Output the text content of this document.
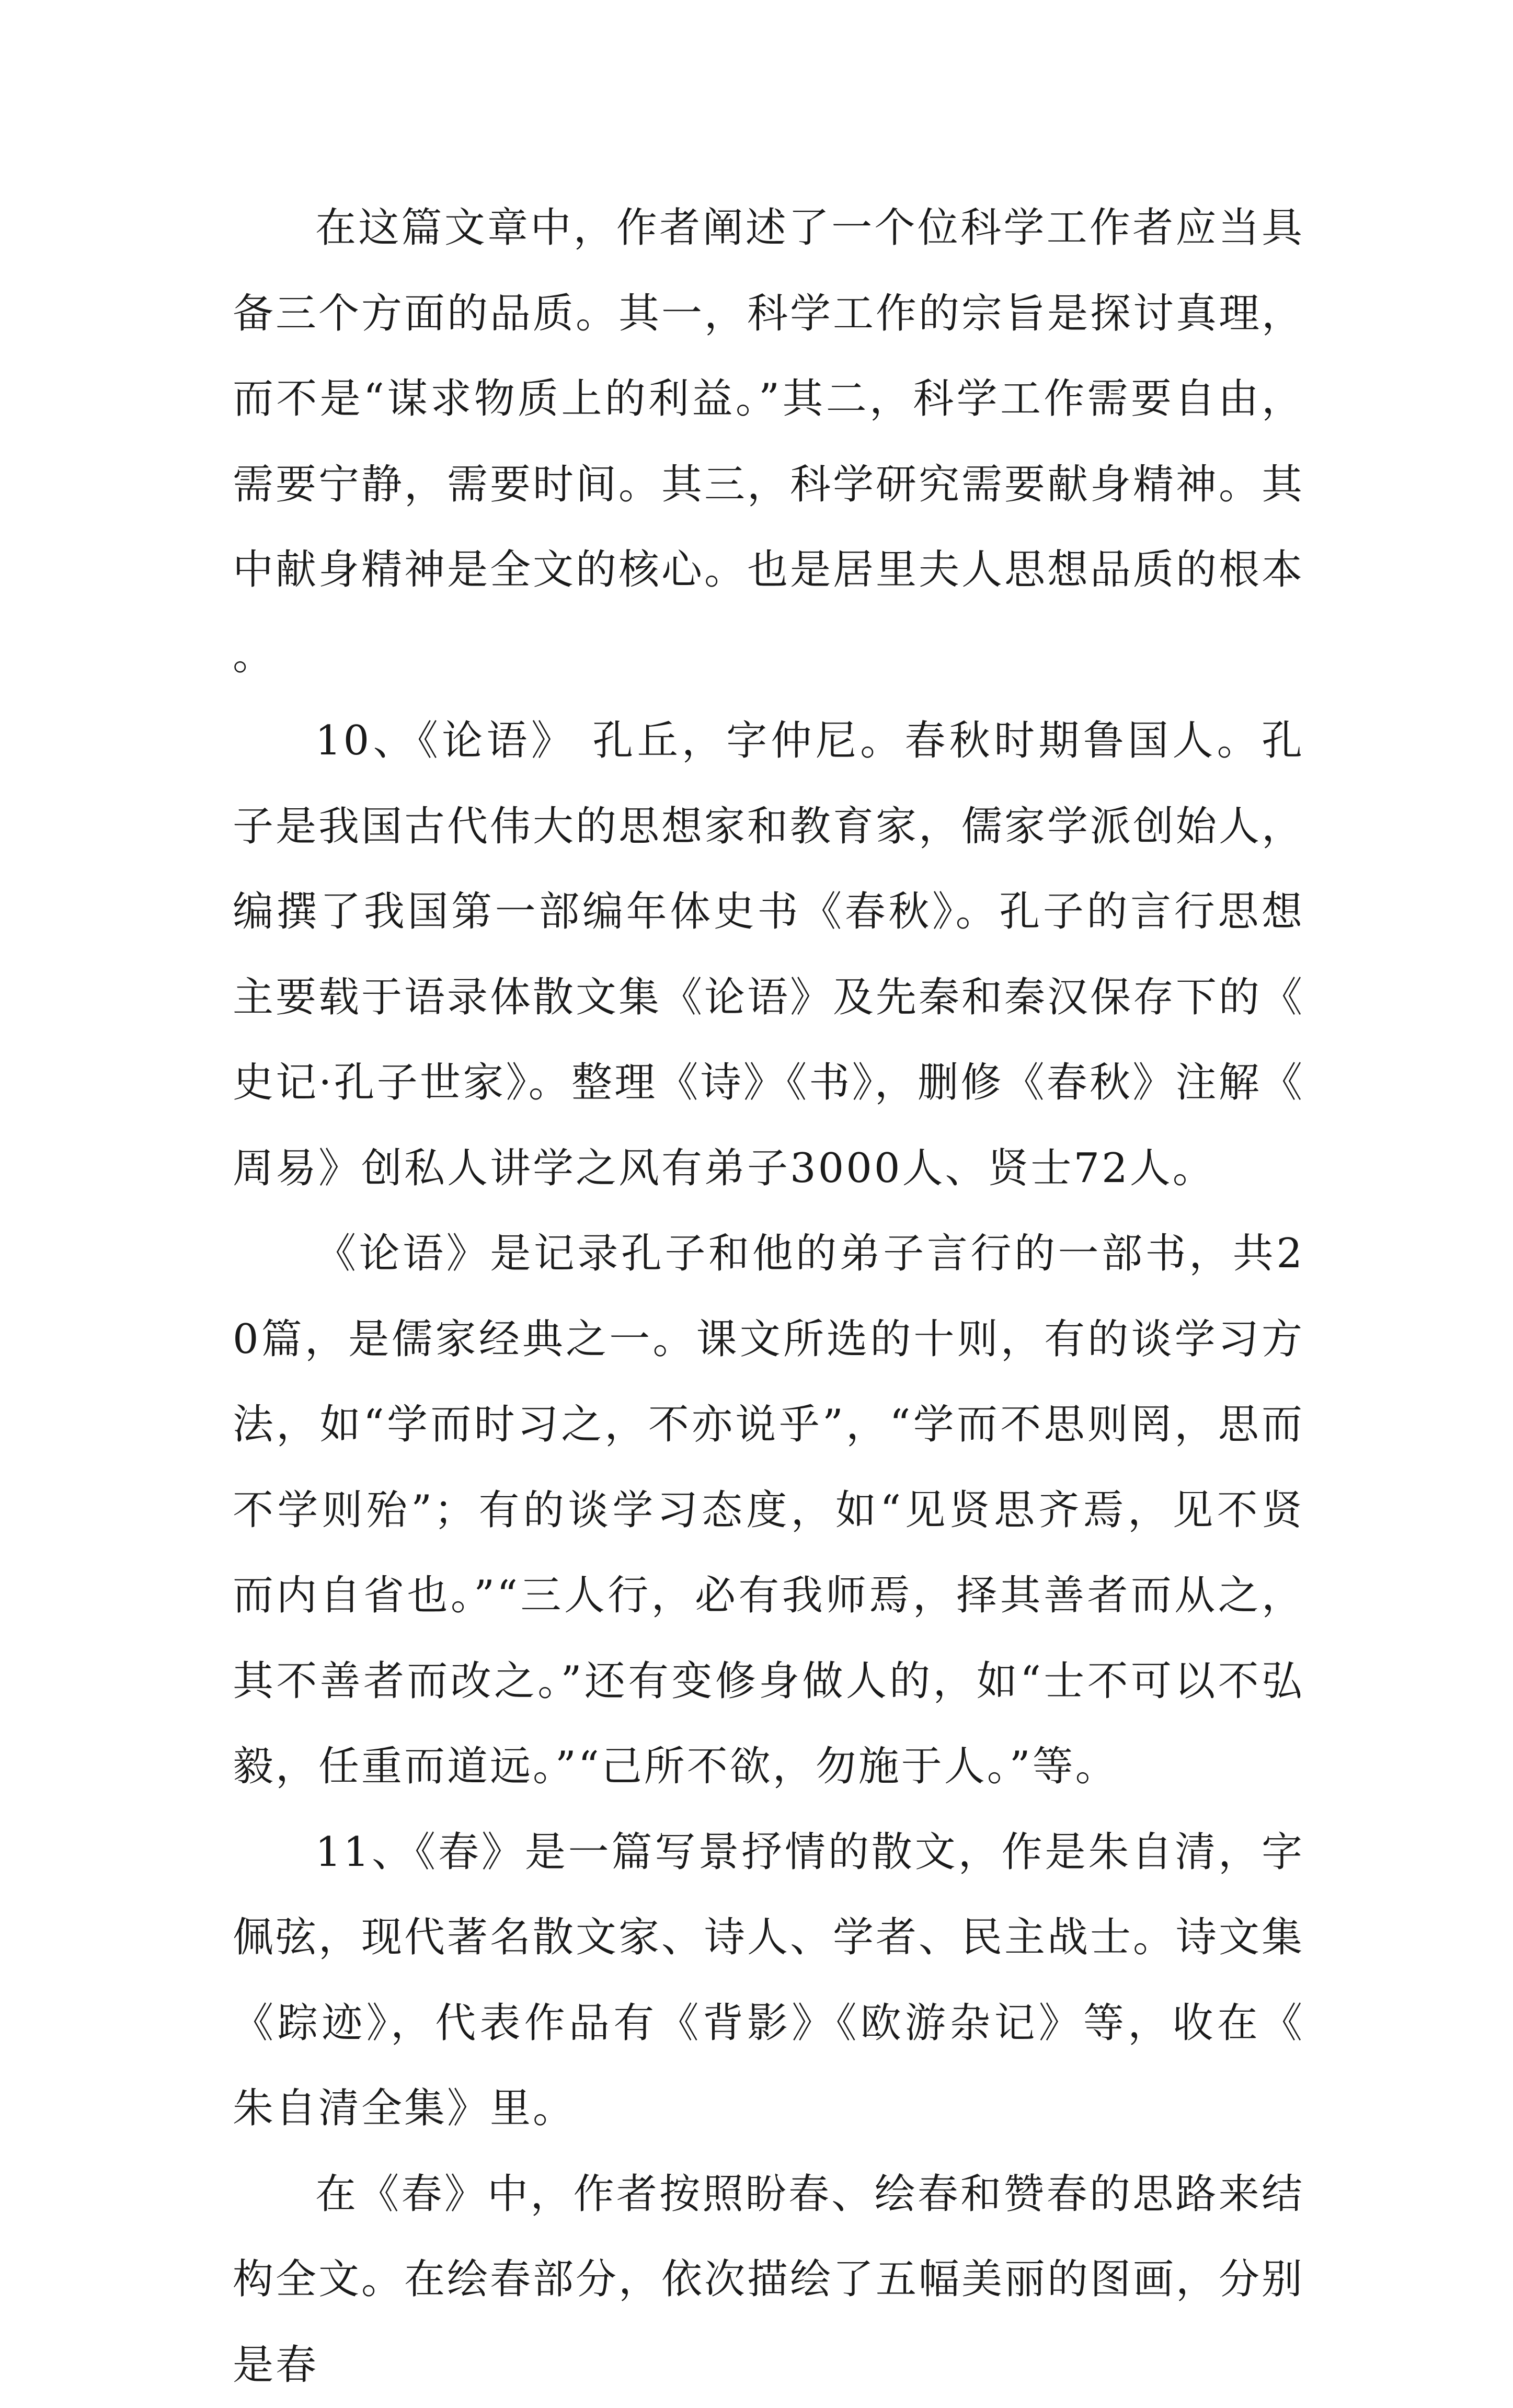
在这篇文章中，作者阐述了一个位科学工作者应当具备三个方面的品质。其一，科学工作的宗旨是探讨真理，而不是“谋求物质上的利益。”其二，科学工作需要自由，需要宁静，需要时间。其三，科学研究需要献身精神。其中献身精神是全文的核心。也是居里夫人思想品质的根本。

10、《论语》 孔丘，字仲尼。春秋时期鲁国人。孔子是我国古代伟大的思想家和教育家，儒家学派创始人，编撰了我国第一部编年体史书《春秋》。孔子的言行思想主要载于语录体散文集《论语》及先秦和秦汉保存下的《史记·孔子世家》。整理《诗》《书》，删修《春秋》注解《周易》创私人讲学之风有弟子3000人、贤士72人。

《论语》是记录孔子和他的弟子言行的一部书，共20篇，是儒家经典之一。课文所选的十则，有的谈学习方法，如“学而时习之，不亦说乎”，“学而不思则罔，思而不学则殆”；有的谈学习态度，如“见贤思齐焉，见不贤而内自省也。”“三人行，必有我师焉，择其善者而从之，其不善者而改之。”还有变修身做人的，如“士不可以不弘毅，任重而道远。”“己所不欲，勿施于人。”等。

11、《春》是一篇写景抒情的散文，作是朱自清，字佩弦，现代著名散文家、诗人、学者、民主战士。诗文集《踪迹》，代表作品有《背影》《欧游杂记》等，收在《朱自清全集》里。

在《春》中，作者按照盼春、绘春和赞春的思路来结构全文。在绘春部分，依次描绘了五幅美丽的图画，分别是春
